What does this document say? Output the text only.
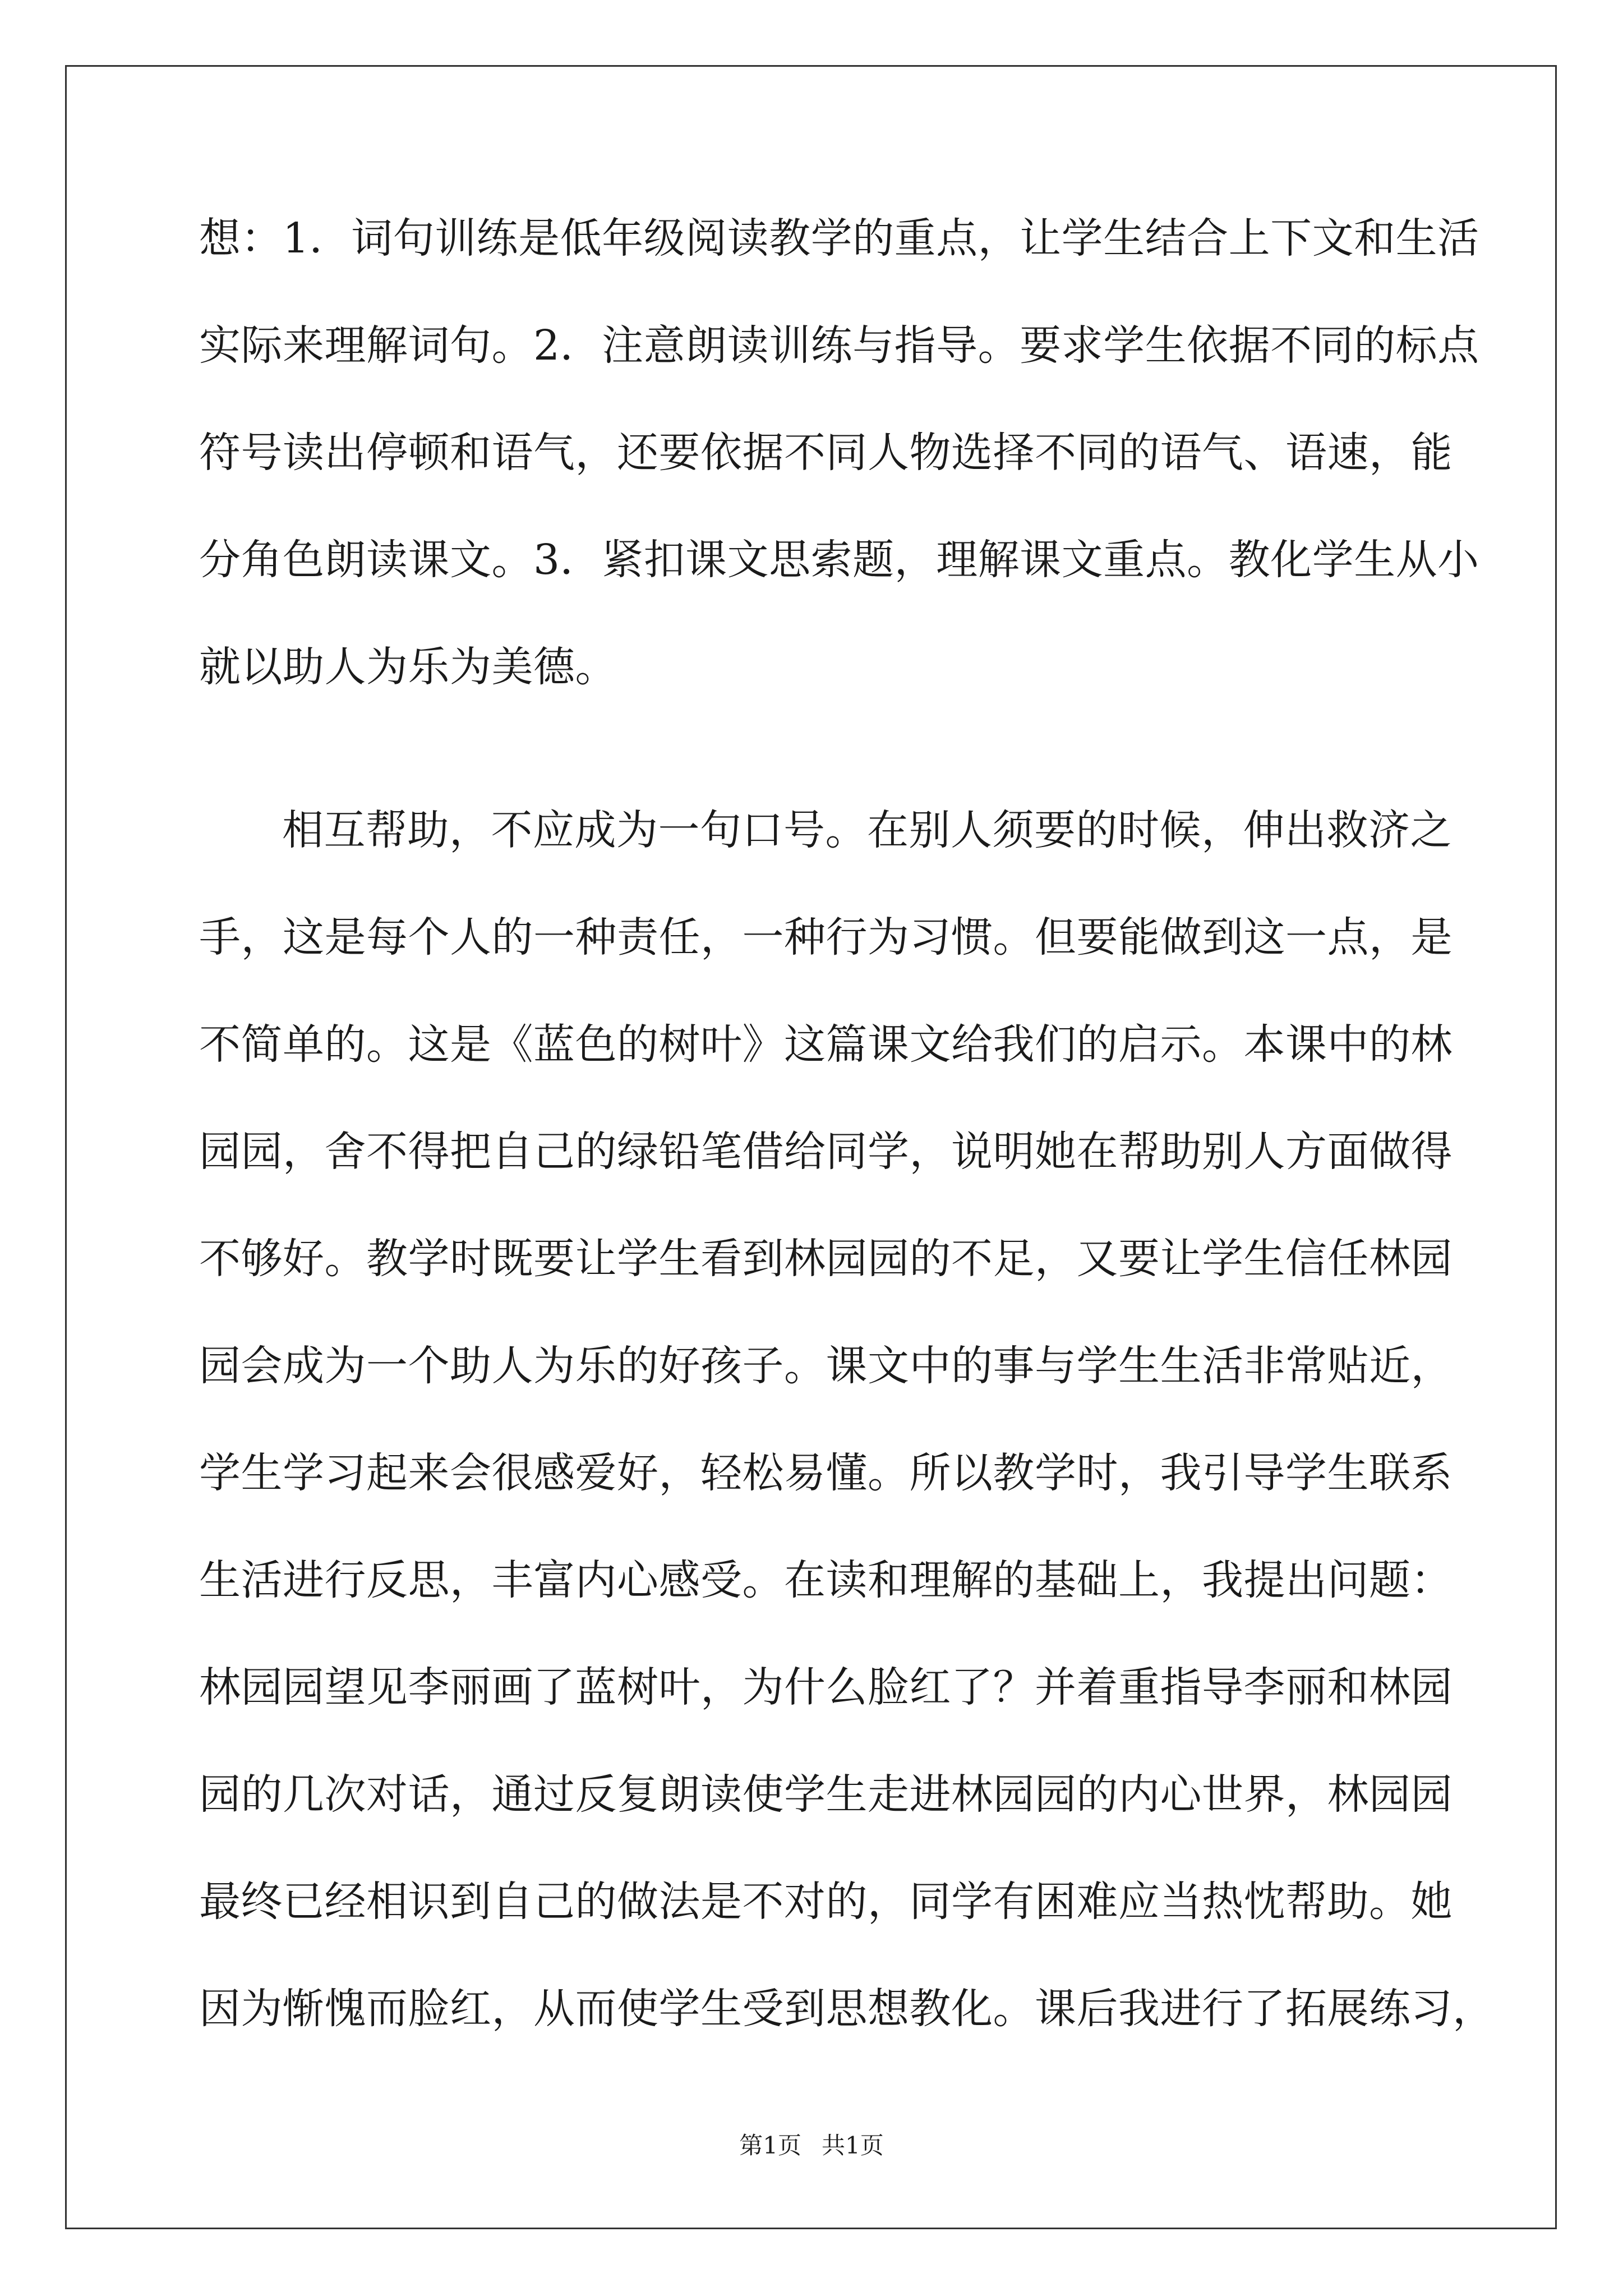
想：1．词句训练是低年级阅读教学的重点，让学生结合上下文和生活
实际来理解词句。2．注意朗读训练与指导。要求学生依据不同的标点
符号读出停顿和语气，还要依据不同人物选择不同的语气、语速，能
分角色朗读课文。3．紧扣课文思索题，理解课文重点。教化学生从小
就以助人为乐为美德。
相互帮助，不应成为一句口号。在别人须要的时候，伸出救济之
手，这是每个人的一种责任，一种行为习惯。但要能做到这一点，是
不简单的。这是《蓝色的树叶》这篇课文给我们的启示。本课中的林
园园，舍不得把自己的绿铅笔借给同学，说明她在帮助别人方面做得
不够好。教学时既要让学生看到林园园的不足，又要让学生信任林园
园会成为一个助人为乐的好孩子。课文中的事与学生生活非常贴近，
学生学习起来会很感爱好，轻松易懂。所以教学时，我引导学生联系
生活进行反思，丰富内心感受。在读和理解的基础上，我提出问题：
林园园望见李丽画了蓝树叶，为什么脸红了？并着重指导李丽和林园
园的几次对话，通过反复朗读使学生走进林园园的内心世界，林园园
最终已经相识到自己的做法是不对的，同学有困难应当热忱帮助。她
因为惭愧而脸红，从而使学生受到思想教化。课后我进行了拓展练习，
第1页 共1页
